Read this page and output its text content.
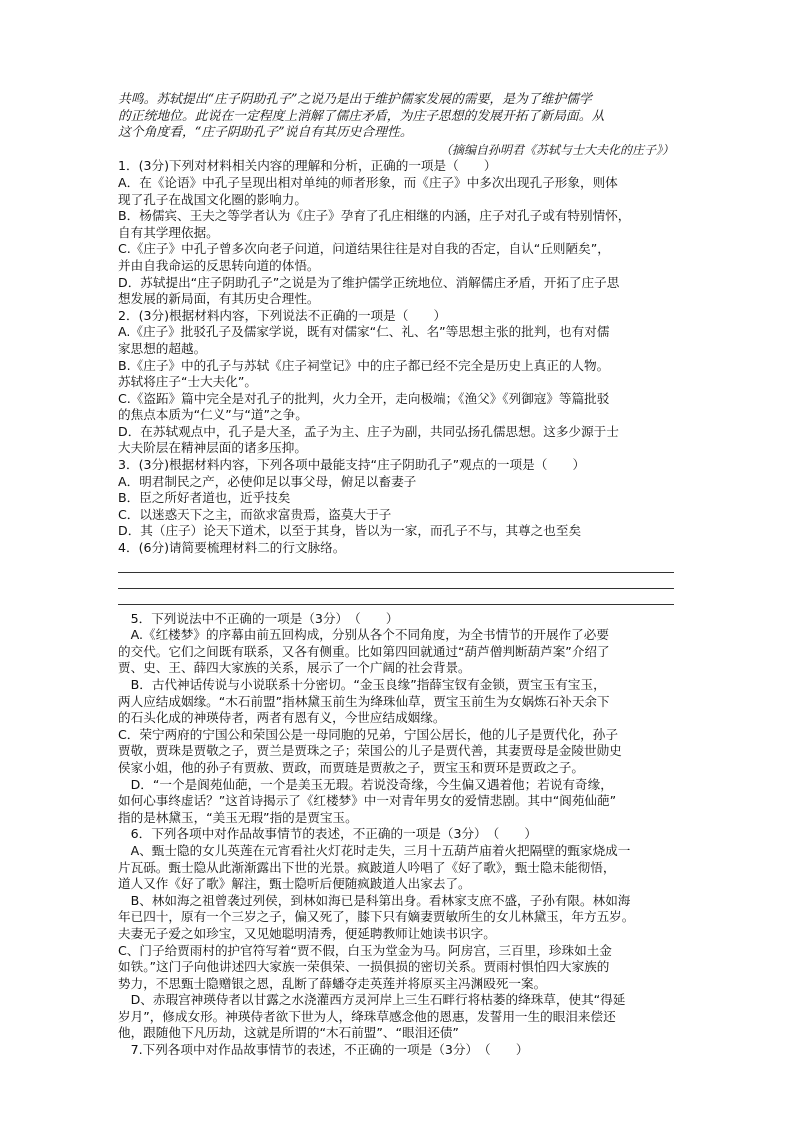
共鸣。苏轼提出“庄子阴助孔子”之说乃是出于维护儒家发展的需要，是为了维护儒学
的正统地位。此说在一定程度上消解了儒庄矛盾，为庄子思想的发展开拓了新局面。从
这个角度看，“庄子阴助孔子”说自有其历史合理性。
（摘编自孙明君《苏轼与士大夫化的庄子》）
1．(3分)下列对材料相关内容的理解和分析，正确的一项是（　　）
A．在《论语》中孔子呈现出相对单纯的师者形象，而《庄子》中多次出现孔子形象，则体
现了孔子在战国文化圈的影响力。
B．杨儒宾、王夫之等学者认为《庄子》孕育了孔庄相继的内涵，庄子对孔子或有特别情怀，
自有其学理依据。
C.《庄子》中孔子曾多次向老子问道，问道结果往往是对自我的否定，自认“丘则陋矣”，
并由自我命运的反思转向道的体悟。
D．苏轼提出“庄子阴助孔子”之说是为了维护儒学正统地位、消解儒庄矛盾，开拓了庄子思
想发展的新局面，有其历史合理性。
2．(3分)根据材料内容，下列说法不正确的一项是（　　）
A.《庄子》批驳孔子及儒家学说，既有对儒家“仁、礼、名”等思想主张的批判，也有对儒
家思想的超越。
B.《庄子》中的孔子与苏轼《庄子祠堂记》中的庄子都已经不完全是历史上真正的人物。
苏轼将庄子“士大夫化”。
C.《盗跖》篇中完全是对孔子的批判，火力全开，走向极端；《渔父》《列御寇》等篇批驳
的焦点本质为“仁义”与“道”之争。
D．在苏轼观点中，孔子是大圣，孟子为主、庄子为副，共同弘扬孔儒思想。这多少源于士
大夫阶层在精神层面的诸多压抑。
3．(3分)根据材料内容，下列各项中最能支持“庄子阴助孔子”观点的一项是（　　）
A．明君制民之产，必使仰足以事父母，俯足以畜妻子
B．臣之所好者道也，近乎技矣
C．以迷惑天下之主，而欲求富贵焉，盗莫大于子
D．其（庄子）论天下道术，以至于其身，皆以为一家，而孔子不与，其尊之也至矣
4．(6分)请简要梳理材料二的行文脉络。
　5．下列说法中不正确的一项是（3分）　（　　）
　A.《红楼梦》的序幕由前五回构成，分别从各个不同角度，为全书情节的开展作了必要
的交代。它们之间既有联系，又各有侧重。比如第四回就通过“葫芦僧判断葫芦案”介绍了
贾、史、王、薛四大家族的关系，展示了一个广阔的社会背景。
　B．古代神话传说与小说联系十分密切。“金玉良缘”指薛宝钗有金锁，贾宝玉有宝玉，
两人应结成姻缘。“木石前盟”指林黛玉前生为绛珠仙草，贾宝玉前生为女娲炼石补天余下
的石头化成的神瑛侍者，两者有恩有义，今世应结成姻缘。
C．荣宁两府的宁国公和荣国公是一母同胞的兄弟，宁国公居长，他的儿子是贾代化，孙子
贾敬，贾珠是贾敬之子，贾兰是贾珠之子；荣国公的儿子是贾代善，其妻贾母是金陵世勋史
侯家小姐，他的孙子有贾赦、贾政，而贾琏是贾赦之子，贾宝玉和贾环是贾政之子。
　D．“一个是阆苑仙葩，一个是美玉无瑕。若说没奇缘，今生偏又遇着他；若说有奇缘，
如何心事终虚话？”这首诗揭示了《红楼梦》中一对青年男女的爱情悲剧。其中“阆苑仙葩”
指的是林黛玉，“美玉无瑕”指的是贾宝玉。
　6．下列各项中对作品故事情节的表述，不正确的一项是（3分）　（　　）
　A、甄士隐的女儿英莲在元宵看社火灯花时走失，三月十五葫芦庙着火把隔壁的甄家烧成一
片瓦砾。甄士隐从此渐渐露出下世的光景。疯跛道人吟唱了《好了歌》，甄士隐未能彻悟，
道人又作《好了歌》解注，甄士隐听后便随疯跛道人出家去了。
　B、林如海之祖曾袭过列侯，到林如海已是科第出身。看林家支庶不盛，子孙有限。林如海
年已四十，原有一个三岁之子，偏又死了，膝下只有嫡妻贾敏所生的女儿林黛玉，年方五岁。
夫妻无子爱之如珍宝，又见她聪明清秀，便延聘教师让她读书识字。
C、门子给贾雨村的护官符写着“贾不假，白玉为堂金为马。阿房宫，三百里，珍珠如土金
如铁。”这门子向他讲述四大家族一荣俱荣、一损俱损的密切关系。贾雨村惧怕四大家族的
势力，不思甄士隐赠银之恩，乱断了薛蟠夺走英莲并将原买主冯渊殴死一案。
　D、赤瑕宫神瑛侍者以甘露之水浇灌西方灵河岸上三生石畔行将枯萎的绛珠草，使其“得延
岁月”，修成女形。神瑛侍者欲下世为人，绛珠草感念他的恩惠，发誓用一生的眼泪来偿还
他，跟随他下凡历劫，这就是所谓的“木石前盟”、“眼泪还债”
　7.下列各项中对作品故事情节的表述，不正确的一项是（3分）　（　　）
